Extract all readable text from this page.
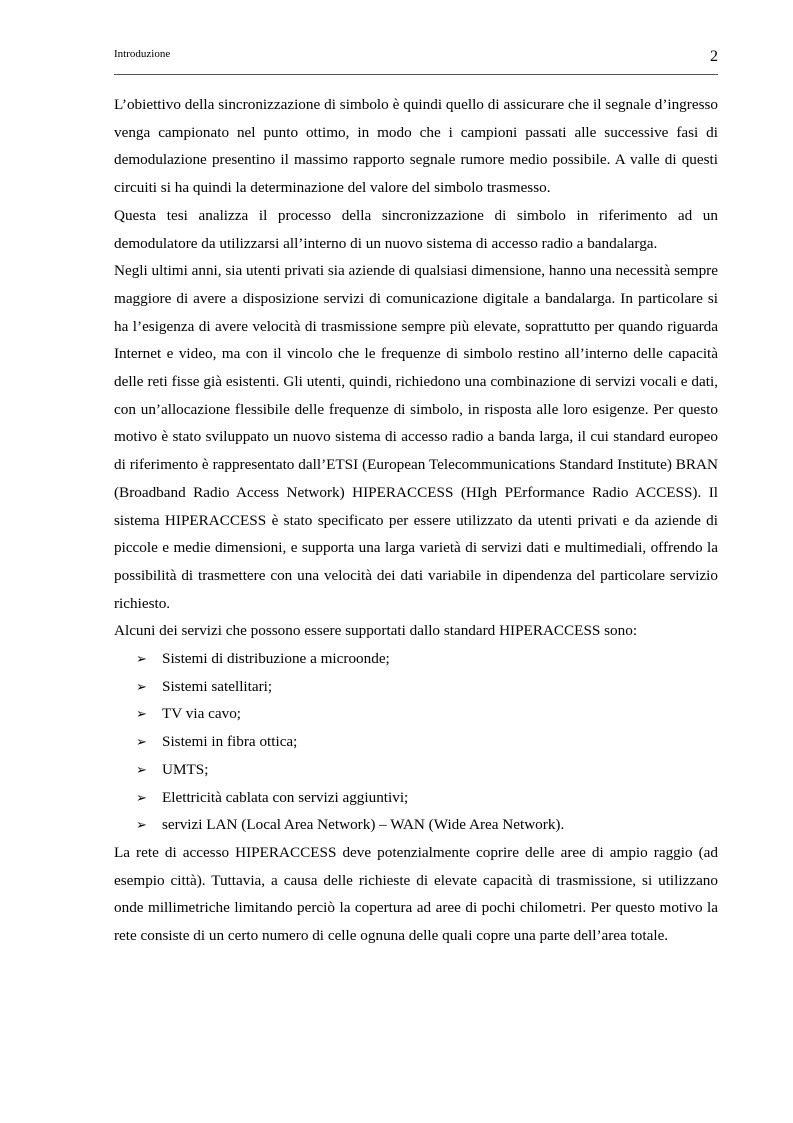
Introduzione	2

L’obiettivo della sincronizzazione di simbolo è quindi quello di assicurare che il segnale d’ingresso venga campionato nel punto ottimo, in modo che i campioni passati alle successive fasi di demodulazione presentino il massimo rapporto segnale rumore medio possibile. A valle di questi circuiti si ha quindi la determinazione del valore del simbolo trasmesso.

Questa tesi analizza il processo della sincronizzazione di simbolo in riferimento ad un demodulatore da utilizzarsi all’interno di un nuovo sistema di accesso radio a bandalarga.

Negli ultimi anni, sia utenti privati sia aziende di qualsiasi dimensione, hanno una necessità sempre maggiore di avere a disposizione servizi di comunicazione digitale a bandalarga. In particolare si ha l’esigenza di avere velocità di trasmissione sempre più elevate, soprattutto per quando riguarda Internet e video, ma con il vincolo che le frequenze di simbolo restino all’interno delle capacità delle reti fisse già esistenti. Gli utenti, quindi, richiedono una combinazione di servizi vocali e dati, con un’allocazione flessibile delle frequenze di simbolo, in risposta alle loro esigenze. Per questo motivo è stato sviluppato un nuovo sistema di accesso radio a banda larga, il cui standard europeo di riferimento è rappresentato dall’ETSI (European Telecommunications Standard Institute) BRAN (Broadband Radio Access Network) HIPERACCESS (HIgh PErformance Radio ACCESS). Il sistema HIPERACCESS è stato specificato per essere utilizzato da utenti privati e da aziende di piccole e medie dimensioni, e supporta una larga varietà di servizi dati e multimediali, offrendo la possibilità di trasmettere con una velocità dei dati variabile in dipendenza del particolare servizio richiesto.

Alcuni dei servizi che possono essere supportati dallo standard HIPERACCESS sono:

➢ Sistemi di distribuzione a microonde;
➢ Sistemi satellitari;
➢ TV via cavo;
➢ Sistemi in fibra ottica;
➢ UMTS;
➢ Elettricità cablata con servizi aggiuntivi;
➢ servizi LAN (Local Area Network) – WAN (Wide Area Network).

La rete di accesso HIPERACCESS deve potenzialmente coprire delle aree di ampio raggio (ad esempio città). Tuttavia, a causa delle richieste di elevate capacità di trasmissione, si utilizzano onde millimetriche limitando perciò la copertura ad aree di pochi chilometri. Per questo motivo la rete consiste di un certo numero di celle ognuna delle quali copre una parte dell’area totale.
